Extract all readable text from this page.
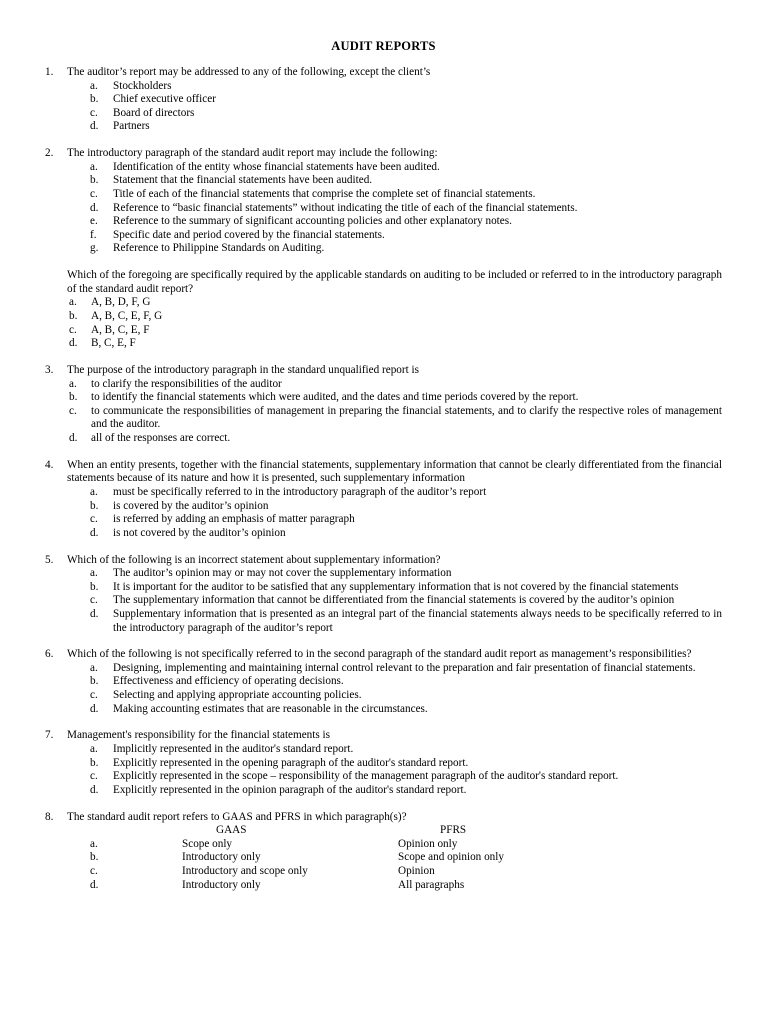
AUDIT REPORTS
1. The auditor’s report may be addressed to any of the following, except the client’s
a. Stockholders
b. Chief executive officer
c. Board of directors
d. Partners
2. The introductory paragraph of the standard audit report may include the following:
a. Identification of the entity whose financial statements have been audited.
b. Statement that the financial statements have been audited.
c. Title of each of the financial statements that comprise the complete set of financial statements.
d. Reference to “basic financial statements” without indicating the title of each of the financial statements.
e. Reference to the summary of significant accounting policies and other explanatory notes.
f. Specific date and period covered by the financial statements.
g. Reference to Philippine Standards on Auditing.
Which of the foregoing are specifically required by the applicable standards on auditing to be included or referred to in the introductory paragraph of the standard audit report?
a. A, B, D, F, G
b. A, B, C, E, F, G
c. A, B, C, E, F
d. B, C, E, F
3. The purpose of the introductory paragraph in the standard unqualified report is
a. to clarify the responsibilities of the auditor
b. to identify the financial statements which were audited, and the dates and time periods covered by the report.
c. to communicate the responsibilities of management in preparing the financial statements, and to clarify the respective roles of management and the auditor.
d. all of the responses are correct.
4. When an entity presents, together with the financial statements, supplementary information that cannot be clearly differentiated from the financial statements because of its nature and how it is presented, such supplementary information
a. must be specifically referred to in the introductory paragraph of the auditor’s report
b. is covered by the auditor’s opinion
c. is referred by adding an emphasis of matter paragraph
d. is not covered by the auditor’s opinion
5. Which of the following is an incorrect statement about supplementary information?
a. The auditor’s opinion may or may not cover the supplementary information
b. It is important for the auditor to be satisfied that any supplementary information that is not covered by the financial statements
c. The supplementary information that cannot be differentiated from the financial statements is covered by the auditor’s opinion
d. Supplementary information that is presented as an integral part of the financial statements always needs to be specifically referred to in the introductory paragraph of the auditor’s report
6. Which of the following is not specifically referred to in the second paragraph of the standard audit report as management’s responsibilities?
a. Designing, implementing and maintaining internal control relevant to the preparation and fair presentation of financial statements.
b. Effectiveness and efficiency of operating decisions.
c. Selecting and applying appropriate accounting policies.
d. Making accounting estimates that are reasonable in the circumstances.
7. Management's responsibility for the financial statements is
a. Implicitly represented in the auditor's standard report.
b. Explicitly represented in the opening paragraph of the auditor's standard report.
c. Explicitly represented in the scope – responsibility of the management paragraph of the auditor's standard report.
d. Explicitly represented in the opinion paragraph of the auditor's standard report.
8. The standard audit report refers to GAAS and PFRS in which paragraph(s)?
	GAAS	PFRS
a.	Scope only	Opinion only
b.	Introductory only	Scope and opinion only
c.	Introductory and scope only	Opinion
d.	Introductory only	All paragraphs
